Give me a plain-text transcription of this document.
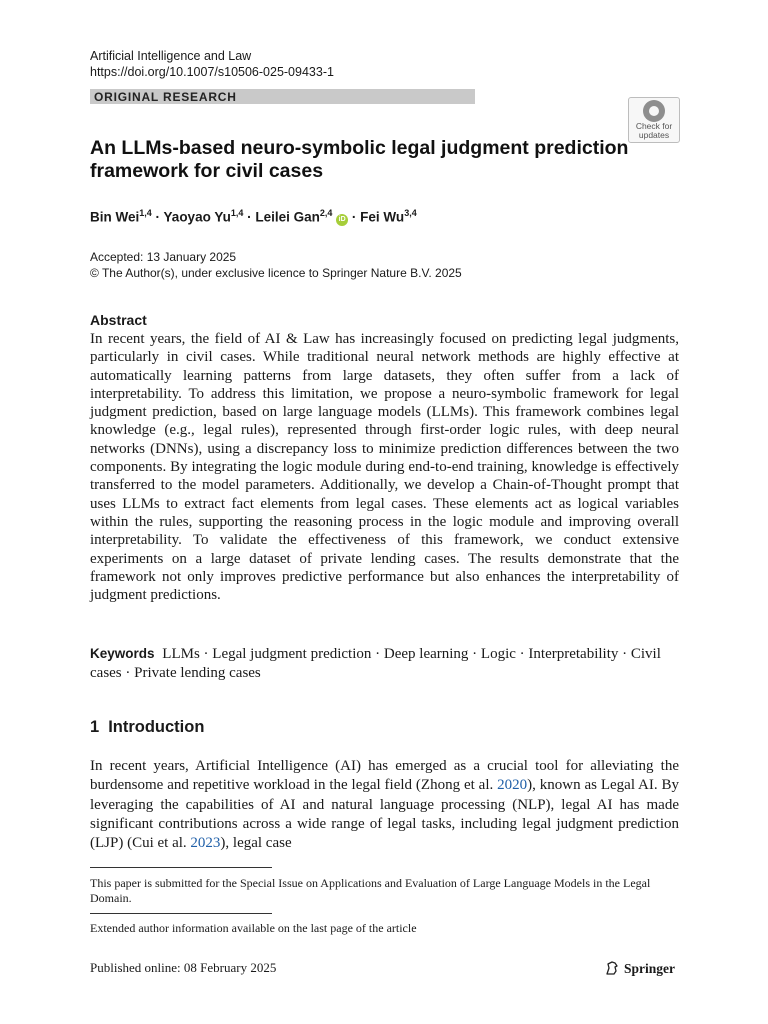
Artificial Intelligence and Law
https://doi.org/10.1007/s10506-025-09433-1
ORIGINAL RESEARCH
Check for
updates
An LLMs-based neuro-symbolic legal judgment prediction framework for civil cases
Bin Wei$^{1,4}$ · Yaoyao Yu$^{1,4}$ · Leilei Gan$^{2,4}$ iD · Fei Wu$^{3,4}$
Accepted: 13 January 2025
© The Author(s), under exclusive licence to Springer Nature B.V. 2025
Abstract
In recent years, the field of AI & Law has increasingly focused on predicting legal judgments, particularly in civil cases. While traditional neural network methods are highly effective at automatically learning patterns from large datasets, they often suffer from a lack of interpretability. To address this limitation, we propose a neuro-symbolic framework for legal judgment prediction, based on large language models (LLMs). This framework combines legal knowledge (e.g., legal rules), represented through first-order logic rules, with deep neural networks (DNNs), using a discrepancy loss to minimize prediction differences between the two components. By integrating the logic module during end-to-end training, knowledge is effectively transferred to the model parameters. Additionally, we develop a Chain-of-Thought prompt that uses LLMs to extract fact elements from legal cases. These elements act as logical variables within the rules, supporting the reasoning process in the logic module and improving overall interpretability. To validate the effectiveness of this framework, we conduct extensive experiments on a large dataset of private lending cases. The results demonstrate that the framework not only improves predictive performance but also enhances the interpretability of judgment predictions.
Keywords LLMs · Legal judgment prediction · Deep learning · Logic · Interpretability · Civil cases · Private lending cases
1 Introduction
In recent years, Artificial Intelligence (AI) has emerged as a crucial tool for alleviating the burdensome and repetitive workload in the legal field (Zhong et al. 2020), known as Legal AI. By leveraging the capabilities of AI and natural language processing (NLP), legal AI has made significant contributions across a wide range of legal tasks, including legal judgment prediction (LJP) (Cui et al. 2023), legal case
This paper is submitted for the Special Issue on Applications and Evaluation of Large Language Models in the Legal Domain.
Extended author information available on the last page of the article
Published online: 08 February 2025	Springer
